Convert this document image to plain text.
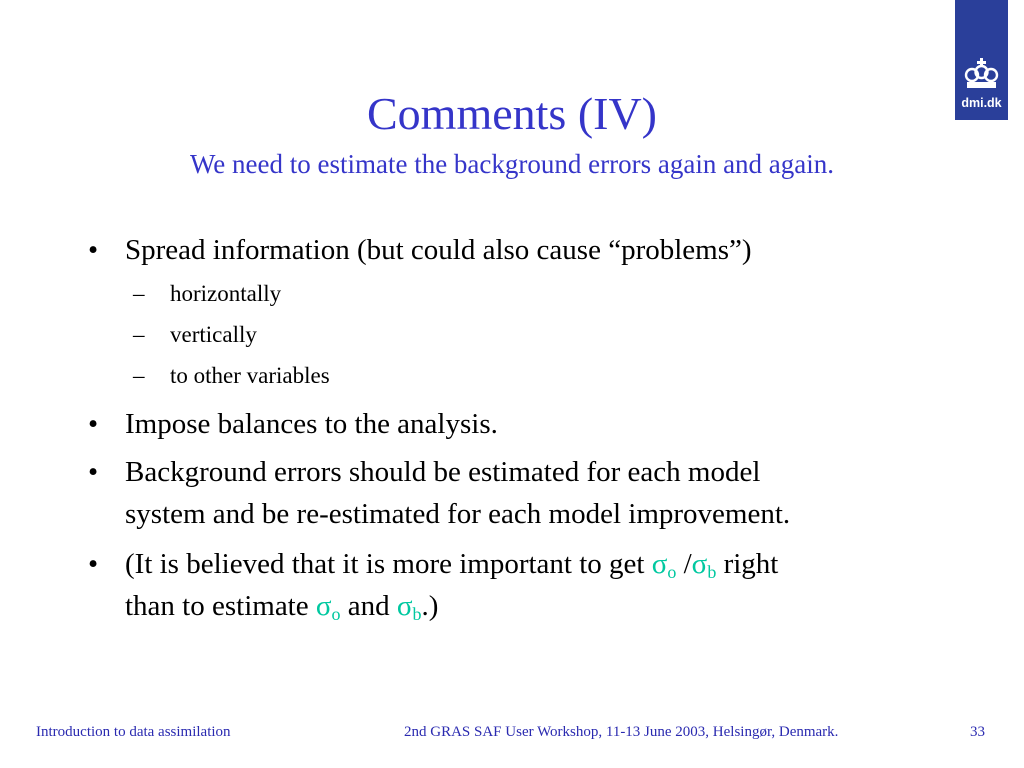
dmi.dk
Comments (IV)
We need to estimate the background errors again and again.
• Spread information (but could also cause “problems”)
– horizontally
– vertically
– to other variables
• Impose balances to the analysis.
• Background errors should be estimated for each model
system and be re-estimated for each model improvement.
• (It is believed that it is more important to get $\sigma_o$ $/\sigma_b$ right
than to estimate $\sigma_o$ and $\sigma_b$.)
Introduction to data assimilation	2nd GRAS SAF User Workshop, 11-13 June 2003, Helsingør, Denmark.	33
